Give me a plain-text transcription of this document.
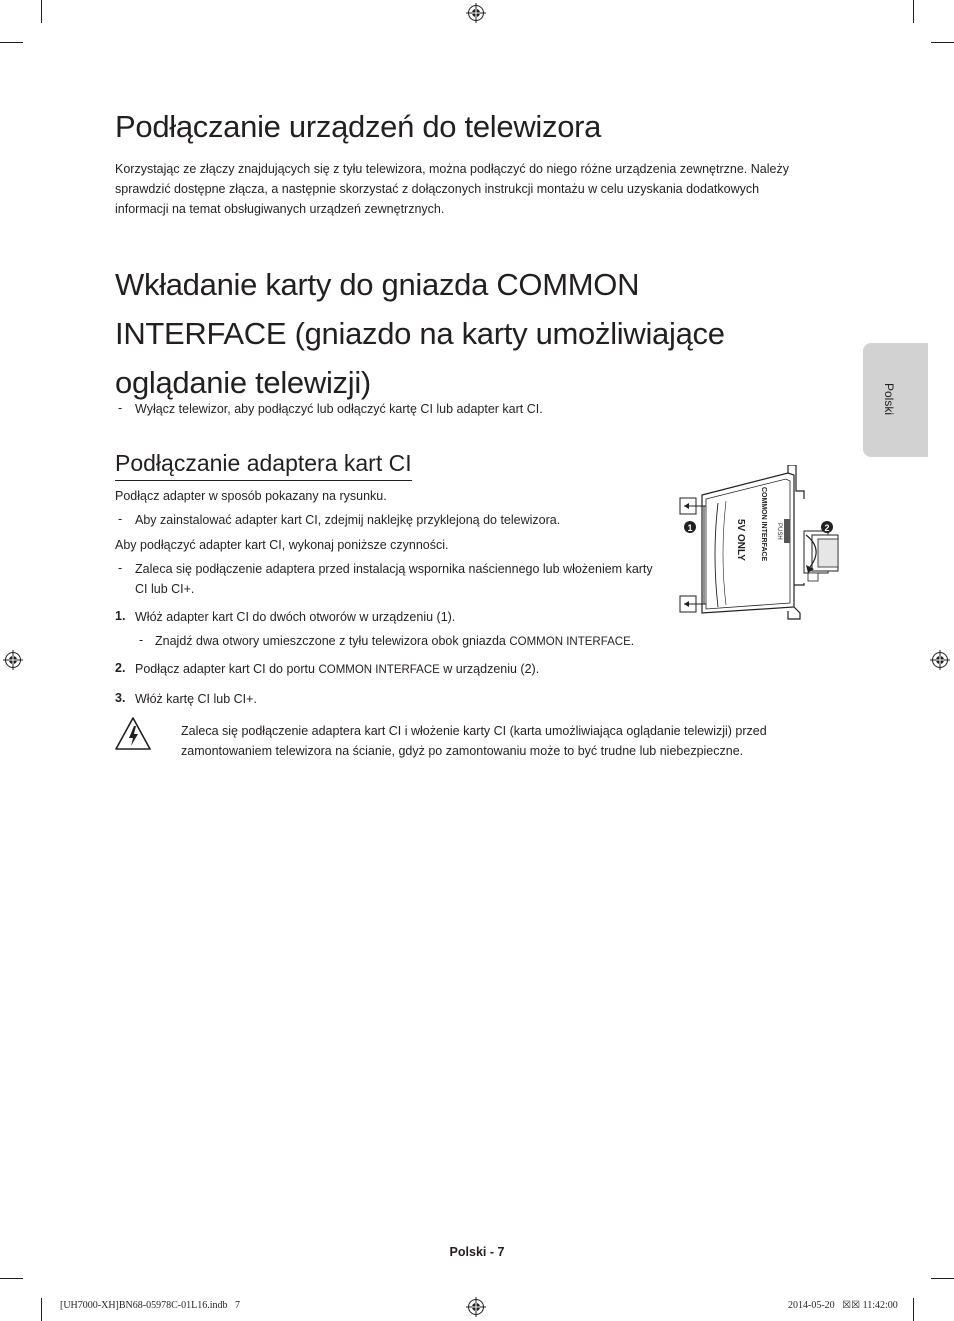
Polski
Podłączanie urządzeń do telewizora
Korzystając ze złączy znajdujących się z tyłu telewizora, można podłączyć do niego różne urządzenia zewnętrzne. Należy sprawdzić dostępne złącza, a następnie skorzystać z dołączonych instrukcji montażu w celu uzyskania dodatkowych informacji na temat obsługiwanych urządzeń zewnętrznych.
Wkładanie karty do gniazda COMMON
INTERFACE (gniazdo na karty umożliwiające
oglądanie telewizji)
- Wyłącz telewizor, aby podłączyć lub odłączyć kartę CI lub adapter kart CI.
Podłączanie adaptera kart CI
Podłącz adapter w sposób pokazany na rysunku.
- Aby zainstalować adapter kart CI, zdejmij naklejkę przyklejoną do telewizora.
Aby podłączyć adapter kart CI, wykonaj poniższe czynności.
- Zaleca się podłączenie adaptera przed instalacją wspornika naściennego lub włożeniem karty CI lub CI+.
1. Włóż adapter kart CI do dwóch otworów w urządzeniu (1).
- Znajdź dwa otwory umieszczone z tyłu telewizora obok gniazda COMMON INTERFACE.
2. Podłącz adapter kart CI do portu COMMON INTERFACE w urządzeniu (2).
3. Włóż kartę CI lub CI+.
Zaleca się podłączenie adaptera kart CI i włożenie karty CI (karta umożliwiająca oglądanie telewizji) przed zamontowaniem telewizora na ścianie, gdyż po zamontowaniu może to być trudne lub niebezpieczne.
1	2
PUSH
COMMON INTERFACE
5V ONLY
Polski - 7
[UH7000-XH]BN68-05978C-01L16.indb   7	2014-05-20   ☒☒ 11:42:00
